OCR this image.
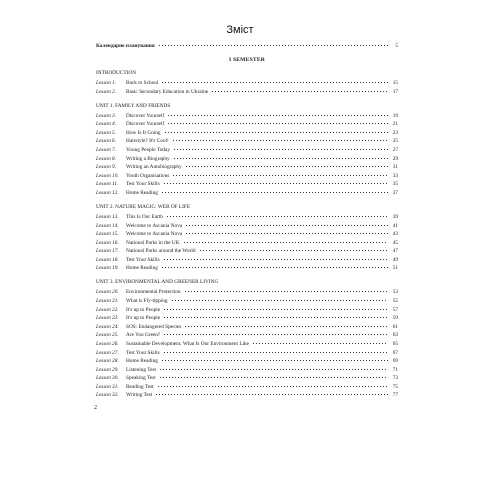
Зміст
Календарне планування	5
I SEMESTER
INTRODUCTION
Lesson 1.	Back to School	15
Lesson 2.	Basic Secondary Education in Ukraine	17
UNIT 1. FAMILY AND FRIENDS
Lesson 3.	Discover Yourself	19
Lesson 4.	Discover Yourself	21
Lesson 5.	How Is It Going	23
Lesson 6.	Hairstyle? It's Cool!	25
Lesson 7.	Young People Today	27
Lesson 8.	Writing a Biography	29
Lesson 9.	Writing an Autobiography	31
Lesson 10.	Youth Organisations	33
Lesson 11.	Test Your Skills	35
Lesson 12.	Home Reading	37
UNIT 2. NATURE MAGIC: WEB OF LIFE
Lesson 13.	This Is Our Earth	39
Lesson 14.	Welcome to Ascania Nova	41
Lesson 15.	Welcome to Ascania Nova	43
Lesson 16.	National Parks in the UK	45
Lesson 17.	National Parks around the World	47
Lesson 18.	Test Your Skills	49
Lesson 19.	Home Reading	51
UNIT 3. ENVIRONMENTAL AND GREENER LIVING
Lesson 20.	Environmental Protection	53
Lesson 21.	What is Fly-tipping	55
Lesson 22.	It's up to People	57
Lesson 23.	It's up to People	59
Lesson 24.	SOS: Endangered Species	61
Lesson 25.	Are You Green?	63
Lesson 26.	Sustainable Development. What Is Our Environment Like	65
Lesson 27.	Test Your Skills	67
Lesson 28.	Home Reading	69
Lesson 29.	Listening Test	71
Lesson 30.	Speaking Test	73
Lesson 31.	Reading Test	75
Lesson 32.	Writing Test	77
2
